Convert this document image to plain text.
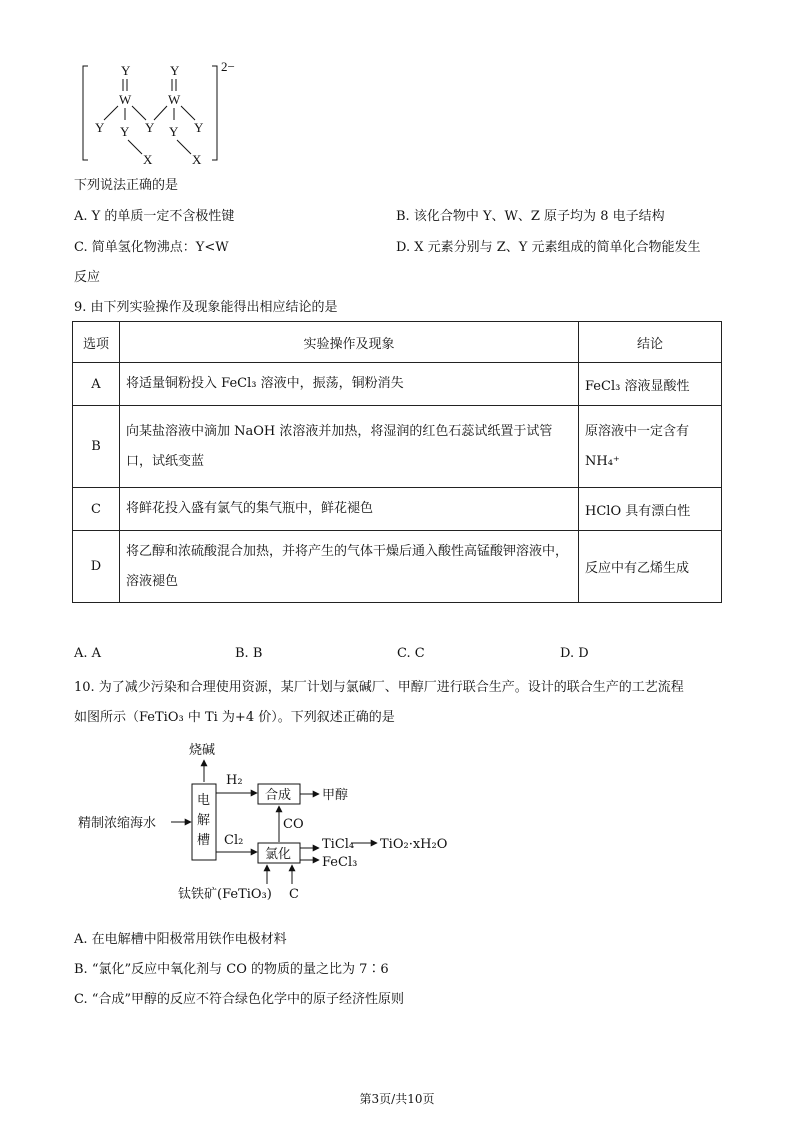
2−
Y	Y
W	W
Y Y Y Y Y
X	X
下列说法正确的是
A. Y 的单质一定不含极性键	B. 该化合物中 Y、W、Z 原子均为 8 电子结构
C. 简单氢化物沸点：Y<W	D. X 元素分别与 Z、Y 元素组成的简单化合物能发生
反应
9. 由下列实验操作及现象能得出相应结论的是
选项	实验操作及现象	结论
A	将适量铜粉投入 FeCl₃ 溶液中，振荡，铜粉消失	FeCl₃ 溶液显酸性
B	向某盐溶液中滴加 NaOH 浓溶液并加热，将湿润的红色石蕊试纸置于试管口，试纸变蓝	原溶液中一定含有 NH₄⁺
C	将鲜花投入盛有氯气的集气瓶中，鲜花褪色	HClO 具有漂白性
D	将乙醇和浓硫酸混合加热，并将产生的气体干燥后通入酸性高锰酸钾溶液中，溶液褪色	反应中有乙烯生成
A. A	B. B	C. C	D. D
10. 为了减少污染和合理使用资源，某厂计划与氯碱厂、甲醇厂进行联合生产。设计的联合生产的工艺流程
如图所示（FeTiO₃ 中 Ti 为+4 价）。下列叙述正确的是
烧碱
电
解
槽
精制浓缩海水
H₂
合成 甲醇
CO
Cl₂
氯化
TiCl₄ TiO₂·xH₂O
FeCl₃
钛铁矿(FeTiO₃) C
A. 在电解槽中阳极常用铁作电极材料
B. “氯化”反应中氧化剂与 CO 的物质的量之比为 7∶6
C. “合成”甲醇的反应不符合绿色化学中的原子经济性原则
第3页/共10页
